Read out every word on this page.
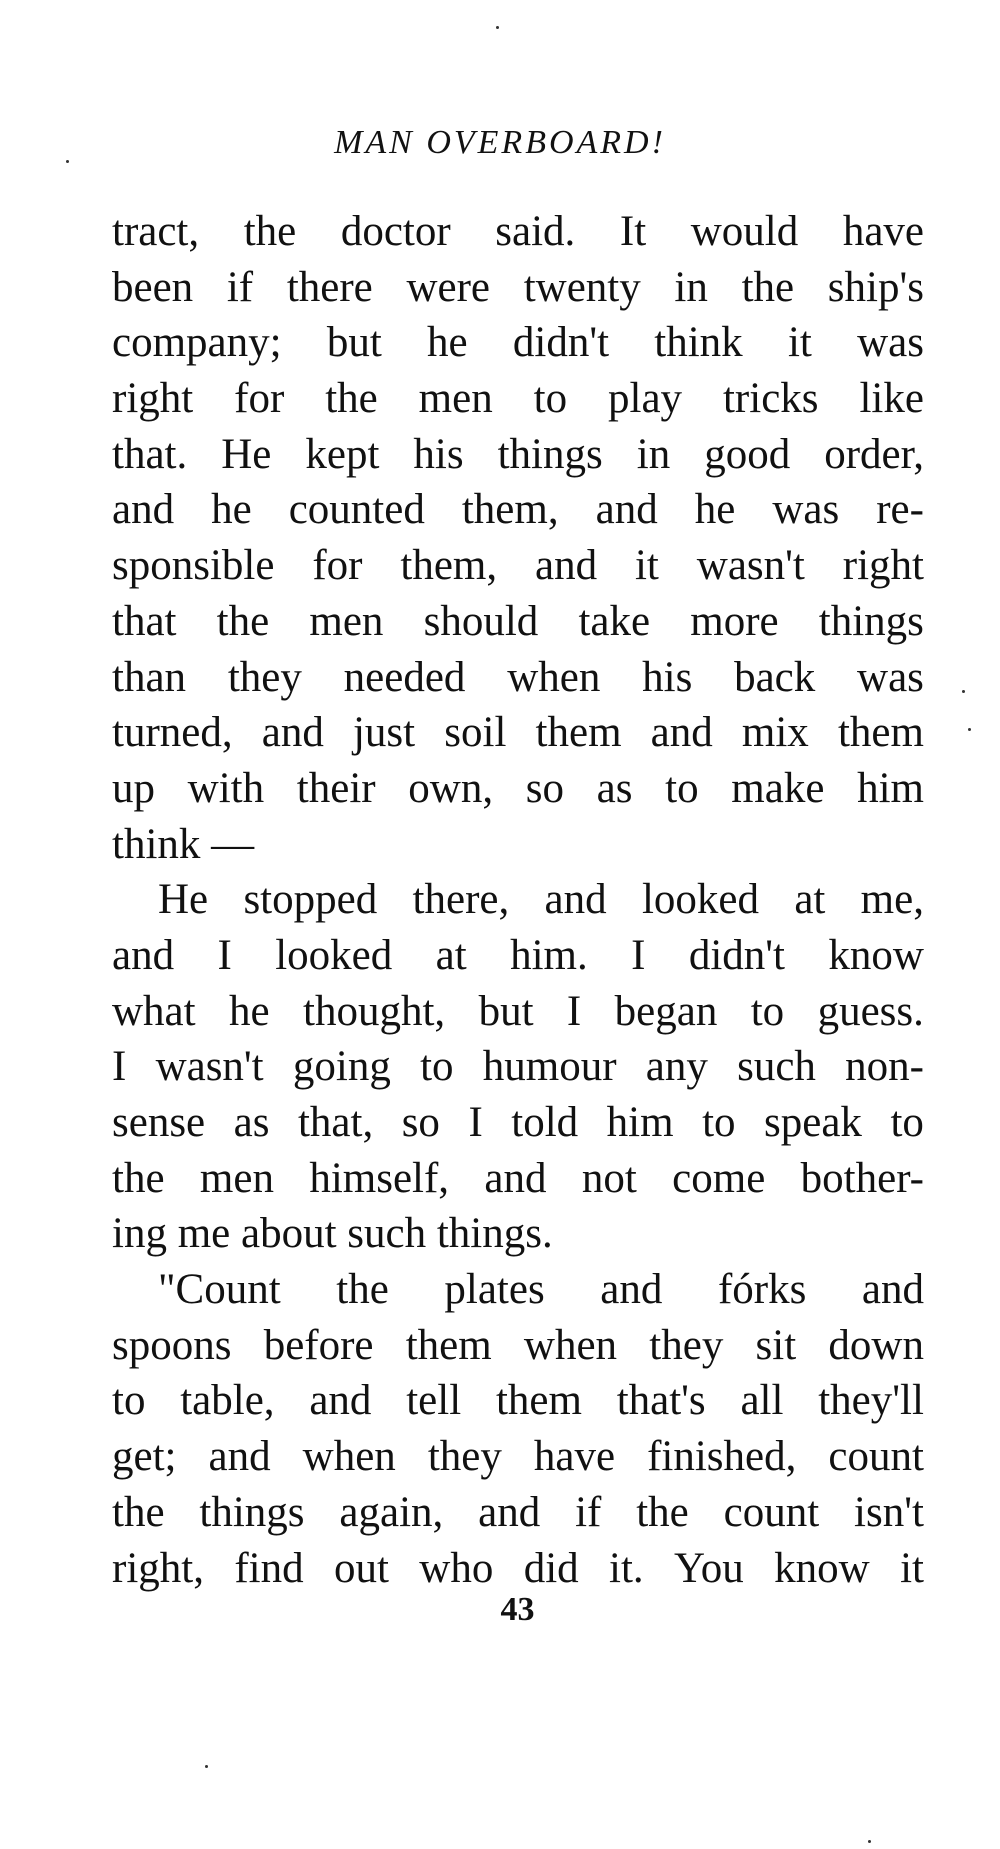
MAN OVERBOARD!
tract, the doctor said. It would have
been if there were twenty in the ship's
company; but he didn't think it was
right for the men to play tricks like
that. He kept his things in good order,
and he counted them, and he was re-
sponsible for them, and it wasn't right
that the men should take more things
than they needed when his back was
turned, and just soil them and mix them
up with their own, so as to make him
think —
He stopped there, and looked at me,
and I looked at him. I didn't know
what he thought, but I began to guess.
I wasn't going to humour any such non-
sense as that, so I told him to speak to
the men himself, and not come bother-
ing me about such things.
"Count the plates and fórks and
spoons before them when they sit down
to table, and tell them that's all they'll
get; and when they have finished, count
the things again, and if the count isn't
right, find out who did it. You know it
43
